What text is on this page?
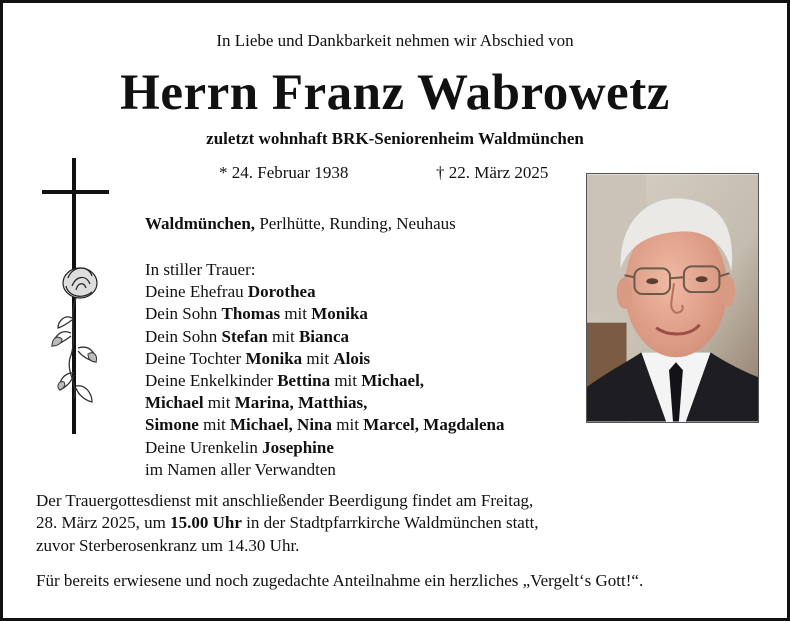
In Liebe und Dankbarkeit nehmen wir Abschied von
Herrn Franz Wabrowetz
zuletzt wohnhaft BRK-Seniorenheim Waldmünchen
* 24. Februar 1938	† 22. März 2025
Waldmünchen, Perlhütte, Runding, Neuhaus
In stiller Trauer:
Deine Ehefrau Dorothea
Dein Sohn Thomas mit Monika
Dein Sohn Stefan mit Bianca
Deine Tochter Monika mit Alois
Deine Enkelkinder Bettina mit Michael,
Michael mit Marina, Matthias,
Simone mit Michael, Nina mit Marcel, Magdalena
Deine Urenkelin Josephine
im Namen aller Verwandten
Der Trauergottesdienst mit anschließender Beerdigung findet am Freitag,
28. März 2025, um 15.00 Uhr in der Stadtpfarrkirche Waldmünchen statt,
zuvor Sterberosenkranz um 14.30 Uhr.
Für bereits erwiesene und noch zugedachte Anteilnahme ein herzliches „Vergelt‘s Gott!“.
